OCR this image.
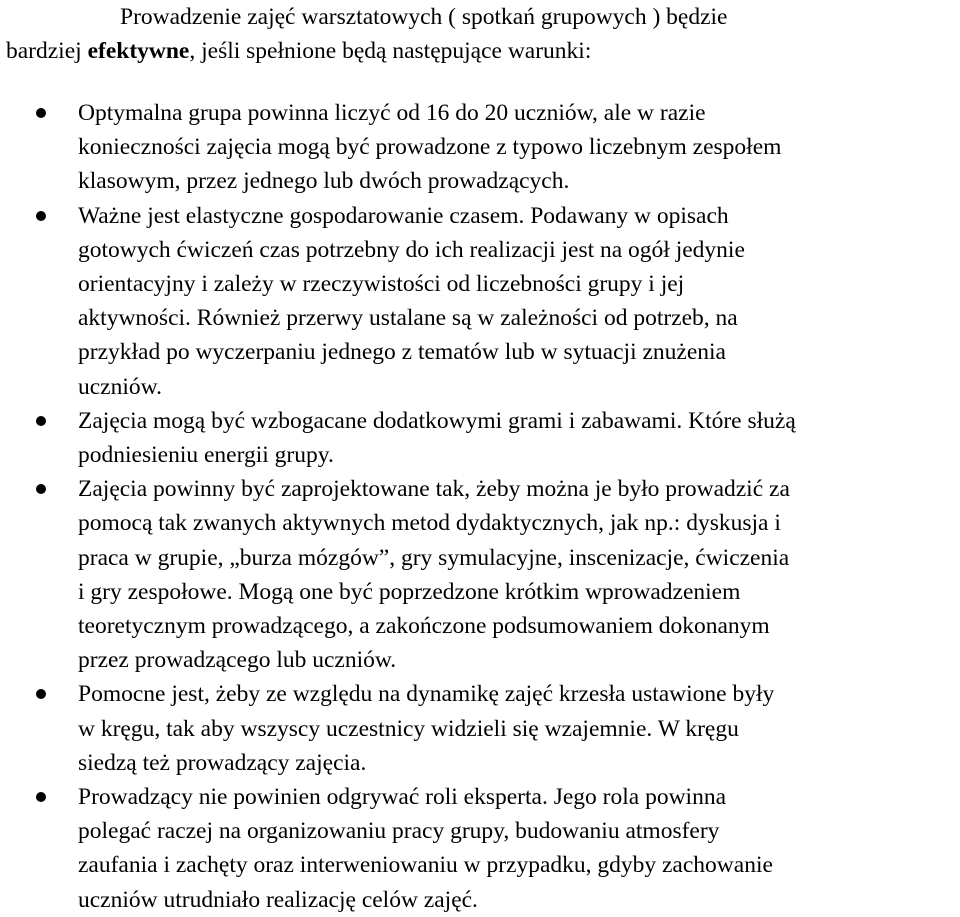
Prowadzenie zajęć warsztatowych ( spotkań grupowych ) będzie
bardziej efektywne, jeśli spełnione będą następujące warunki:

Optymalna grupa powinna liczyć od 16 do 20 uczniów, ale w razie
konieczności zajęcia mogą być prowadzone z typowo liczebnym zespołem
klasowym, przez jednego lub dwóch prowadzących.
Ważne jest elastyczne gospodarowanie czasem. Podawany w opisach
gotowych ćwiczeń czas potrzebny do ich realizacji jest na ogół jedynie
orientacyjny i zależy w rzeczywistości od liczebności grupy i jej
aktywności. Również przerwy ustalane są w zależności od potrzeb, na
przykład po wyczerpaniu jednego z tematów lub w sytuacji znużenia
uczniów.
Zajęcia mogą być wzbogacane dodatkowymi grami i zabawami. Które służą
podniesieniu energii grupy.
Zajęcia powinny być zaprojektowane tak, żeby można je było prowadzić za
pomocą tak zwanych aktywnych metod dydaktycznych, jak np.: dyskusja i
praca w grupie, „burza mózgów”, gry symulacyjne, inscenizacje, ćwiczenia
i gry zespołowe. Mogą one być poprzedzone krótkim wprowadzeniem
teoretycznym prowadzącego, a zakończone podsumowaniem dokonanym
przez prowadzącego lub uczniów.
Pomocne jest, żeby ze względu na dynamikę zajęć krzesła ustawione były
w kręgu, tak aby wszyscy uczestnicy widzieli się wzajemnie. W kręgu
siedzą też prowadzący zajęcia.
Prowadzący nie powinien odgrywać roli eksperta. Jego rola powinna
polegać raczej na organizowaniu pracy grupy, budowaniu atmosfery
zaufania i zachęty oraz interweniowaniu w przypadku, gdyby zachowanie
uczniów utrudniało realizację celów zajęć.
